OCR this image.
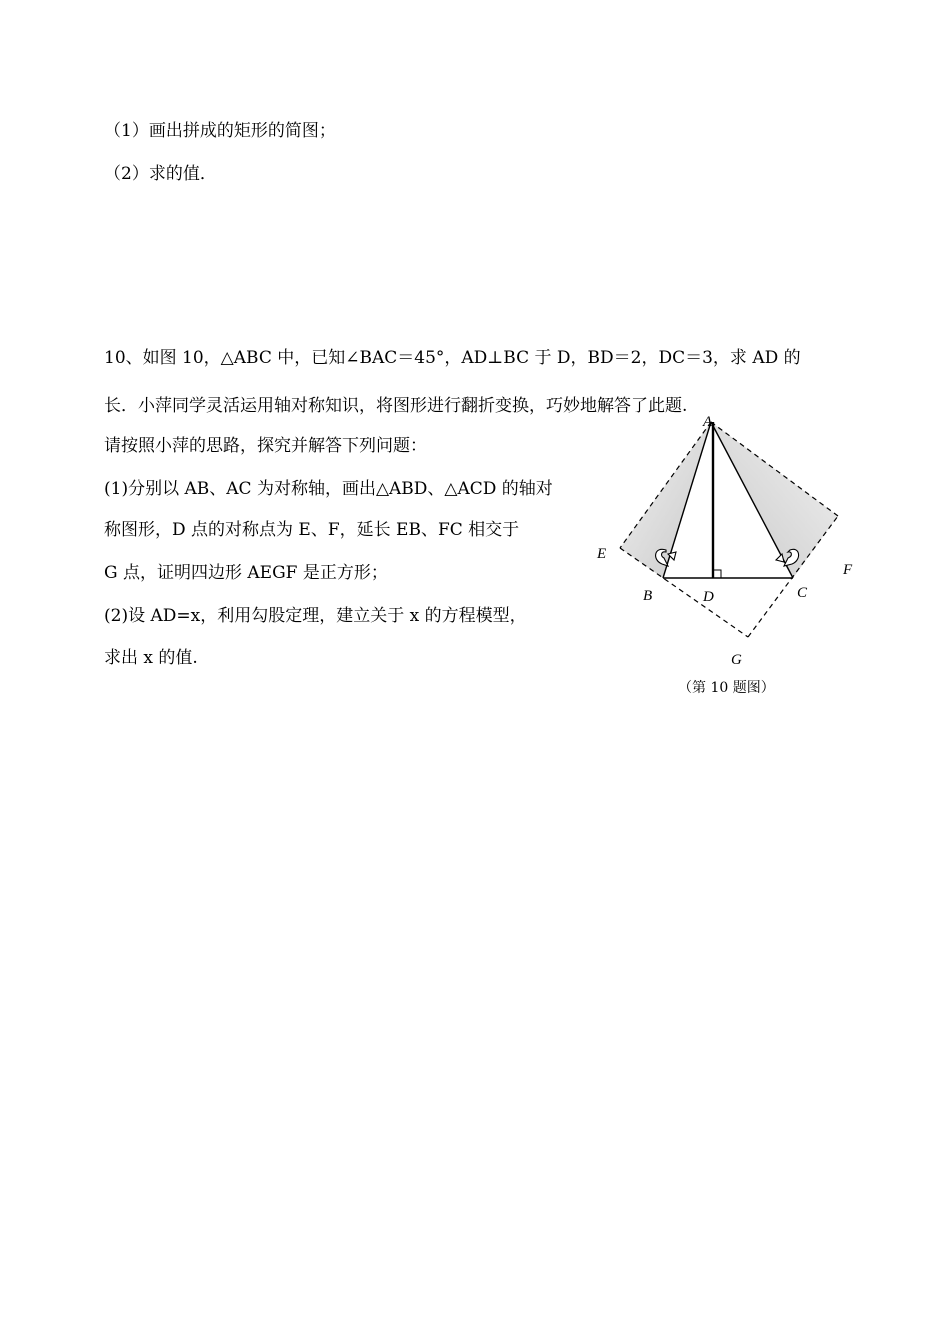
（1）画出拼成的矩形的简图；
（2）求的值．
10、如图 10，△ABC 中，已知∠BAC＝45°，AD⊥BC 于 D，BD＝2，DC＝3，求 AD 的
长．小萍同学灵活运用轴对称知识，将图形进行翻折变换，巧妙地解答了此题.
请按照小萍的思路，探究并解答下列问题：
(1)分别以 AB、AC 为对称轴，画出△ABD、△ACD 的轴对
称图形，D 点的对称点为 E、F，延长 EB、FC 相交于
G 点，证明四边形 AEGF 是正方形；
(2)设 AD=x，利用勾股定理，建立关于 x 的方程模型，
求出 x 的值.
A
B	C
D
E
F
G
（第 10 题图）
